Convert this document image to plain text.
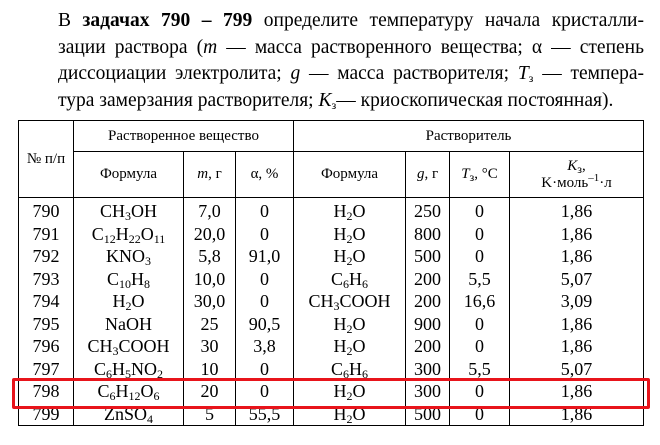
В задачах 790 – 799 определите температуру начала кристалли-
зации раствора (m — масса растворенного вещества; α — степень
диссоциации электролита; g — масса растворителя; $T_з$ — темпера-
тура замерзания растворителя; $K_з—$ криоскопическая постоянная).

№ п/п	Растворенное вещество			Растворитель			
	Формула	m, г	α, %	Формула	g, г	$T_з$, °C	$K_з$,
K·моль$^{-1}$·л
790	$CH_3OH$	7,0	0	$H_2O$	250	0	1,86
791	$C_{12}H_{22}O_{11}$	20,0	0	$H_2O$	800	0	1,86
792	$KNO_3$	5,8	91,0	$H_2O$	500	0	1,86
793	$C_{10}H_8$	10,0	0	$C_6H_6$	200	5,5	5,07
794	$H_2O$	30,0	0	$CH_3COOH$	200	16,6	3,09
795	NaOH	25	90,5	$H_2O$	900	0	1,86
796	$CH_3COOH$	30	3,8	$H_2O$	200	0	1,86
797	$C_6H_5NO_2$	10	0	$C_6H_6$	300	5,5	5,07
798	$C_6H_{12}O_6$	20	0	$H_2O$	300	0	1,86
799	ZnSO$_4$	5	55,5	$H_2O$	500	0	1,86
